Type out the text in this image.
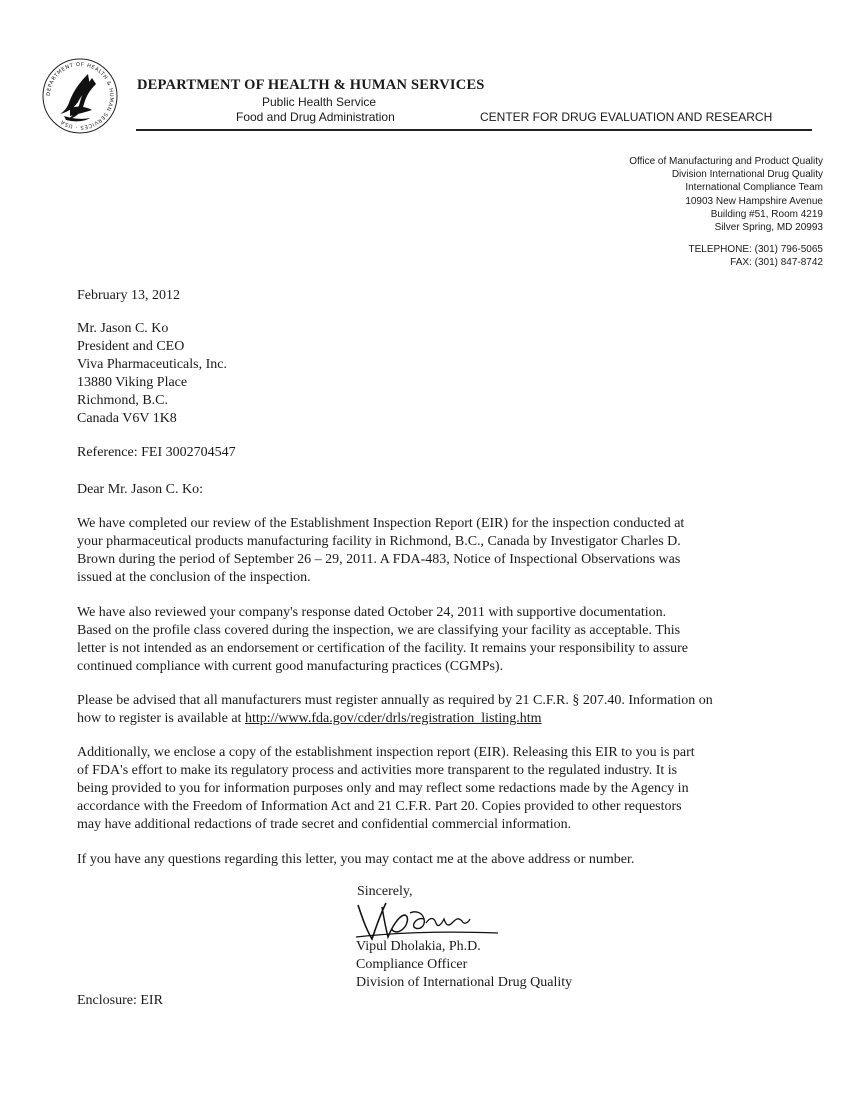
DEPARTMENT OF HEALTH & HUMAN SERVICES · USA
DEPARTMENT OF HEALTH & HUMAN SERVICES
Public Health Service
Food and Drug Administration	CENTER FOR DRUG EVALUATION AND RESEARCH
Office of Manufacturing and Product Quality
Division International Drug Quality
International Compliance Team
10903 New Hampshire Avenue
Building #51, Room 4219
Silver Spring, MD 20993
TELEPHONE: (301) 796-5065
FAX: (301) 847-8742
February 13, 2012
Mr. Jason C. Ko
President and CEO
Viva Pharmaceuticals, Inc.
13880 Viking Place
Richmond, B.C.
Canada V6V 1K8
Reference: FEI 3002704547
Dear Mr. Jason C. Ko:
We have completed our review of the Establishment Inspection Report (EIR) for the inspection conducted at
your pharmaceutical products manufacturing facility in Richmond, B.C., Canada by Investigator Charles D.
Brown during the period of September 26 – 29, 2011. A FDA-483, Notice of Inspectional Observations was
issued at the conclusion of the inspection.
We have also reviewed your company's response dated October 24, 2011 with supportive documentation.
Based on the profile class covered during the inspection, we are classifying your facility as acceptable. This
letter is not intended as an endorsement or certification of the facility. It remains your responsibility to assure
continued compliance with current good manufacturing practices (CGMPs).
Please be advised that all manufacturers must register annually as required by 21 C.F.R. § 207.40. Information on
how to register is available at http://www.fda.gov/cder/drls/registration_listing.htm
Additionally, we enclose a copy of the establishment inspection report (EIR). Releasing this EIR to you is part
of FDA's effort to make its regulatory process and activities more transparent to the regulated industry. It is
being provided to you for information purposes only and may reflect some redactions made by the Agency in
accordance with the Freedom of Information Act and 21 C.F.R. Part 20. Copies provided to other requestors
may have additional redactions of trade secret and confidential commercial information.
If you have any questions regarding this letter, you may contact me at the above address or number.
Sincerely,
Vipul Dholakia, Ph.D.
Compliance Officer
Division of International Drug Quality
Enclosure: EIR
